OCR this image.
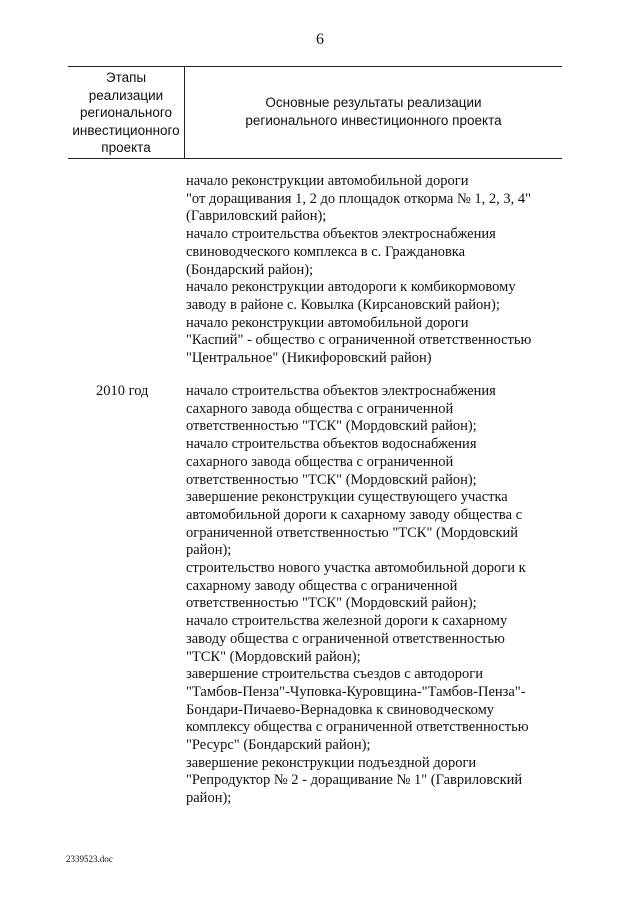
6
Этапы
реализации
регионального
инвестиционного
проекта
Основные результаты реализации
регионального инвестиционного проекта
начало реконструкции автомобильной дороги
"от доращивания 1, 2 до площадок откорма № 1, 2, 3, 4"
(Гавриловский район);
начало строительства объектов электроснабжения
свиноводческого комплекса в с. Граждановка
(Бондарский район);
начало реконструкции автодороги к комбикормовому
заводу в районе с. Ковылка (Кирсановский район);
начало реконструкции автомобильной дороги
"Каспий" - общество с ограниченной ответственностью
"Центральное" (Никифоровский район)
2010 год	начало строительства объектов электроснабжения
сахарного завода общества с ограниченной
ответственностью "ТСК" (Мордовский район);
начало строительства объектов водоснабжения
сахарного завода общества с ограниченной
ответственностью "ТСК" (Мордовский район);
завершение реконструкции существующего участка
автомобильной дороги к сахарному заводу общества с
ограниченной ответственностью "ТСК" (Мордовский
район);
строительство нового участка автомобильной дороги к
сахарному заводу общества с ограниченной
ответственностью "ТСК" (Мордовский район);
начало строительства железной дороги к сахарному
заводу общества с ограниченной ответственностью
"ТСК" (Мордовский район);
завершение строительства съездов с автодороги
"Тамбов-Пенза"-Чуповка-Куровщина-"Тамбов-Пенза"-
Бондари-Пичаево-Вернадовка к свиноводческому
комплексу общества с ограниченной ответственностью
"Ресурс" (Бондарский район);
завершение реконструкции подъездной дороги
"Репродуктор № 2 - доращивание № 1" (Гавриловский
район);
2339523.doc
